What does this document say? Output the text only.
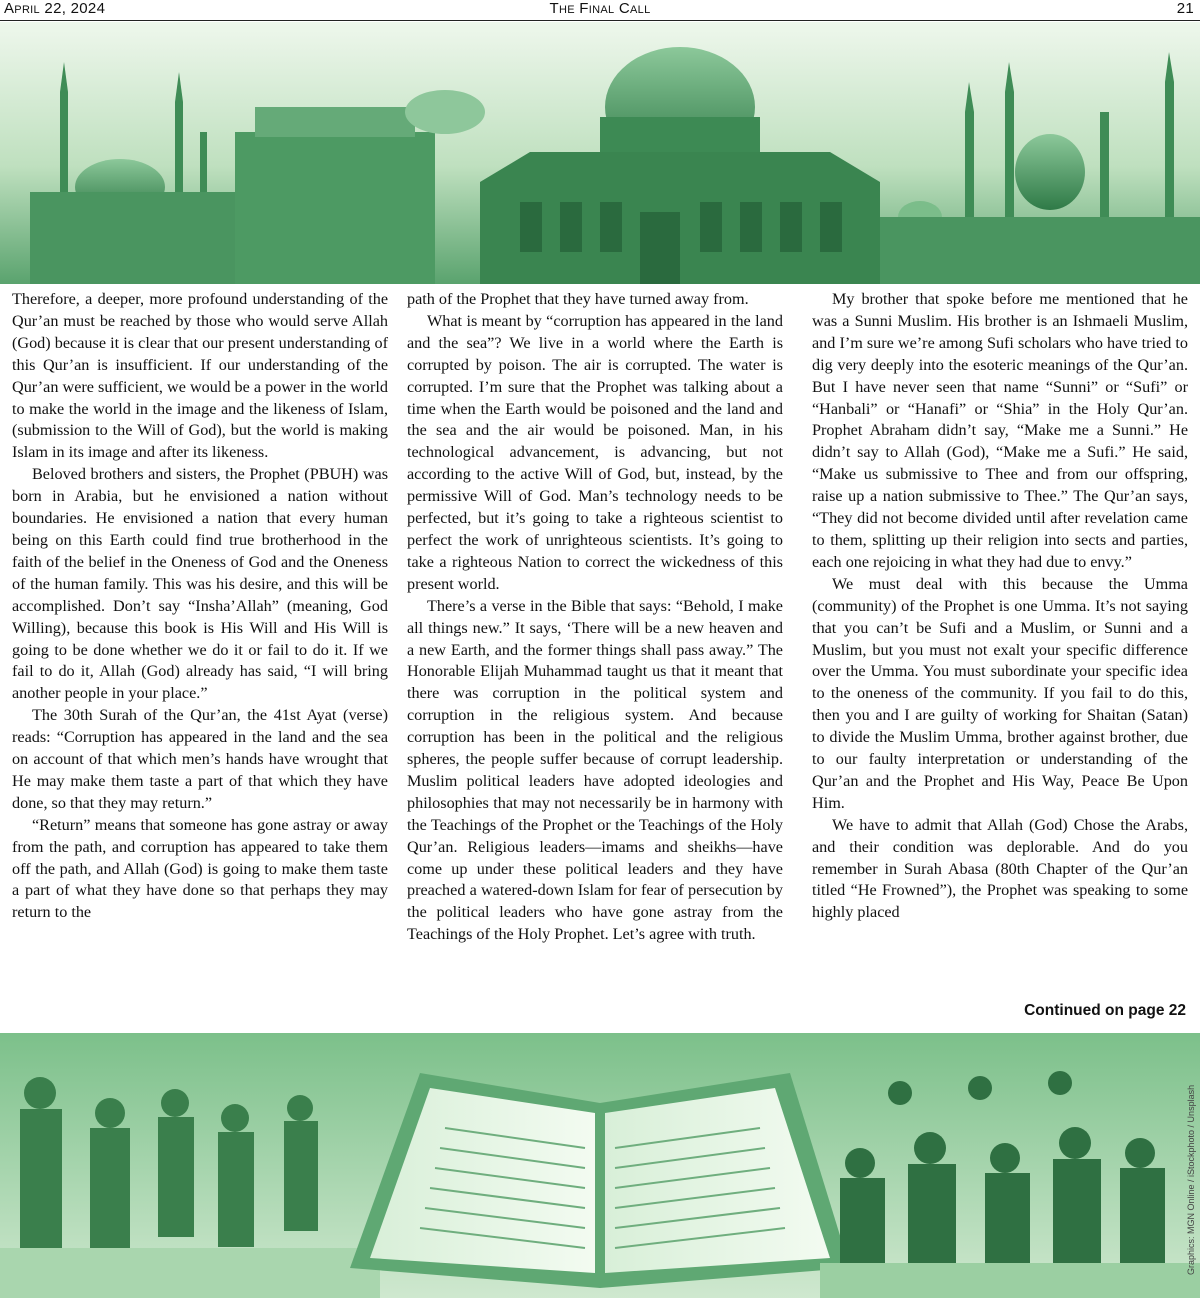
April 22, 2024	The Final Call	21

Therefore, a deeper, more profound understanding of the Qur’an must be reached by those who would serve Allah (God) because it is clear that our present understanding of this Qur’an is insufficient. If our understanding of the Qur’an were sufficient, we would be a power in the world to make the world in the image and the likeness of Islam, (submission to the Will of God), but the world is making Islam in its image and after its likeness.

Beloved brothers and sisters, the Prophet (PBUH) was born in Arabia, but he envisioned a nation without boundaries. He envisioned a nation that every human being on this Earth could find true brotherhood in the faith of the belief in the Oneness of God and the Oneness of the human family. This was his desire, and this will be accomplished. Don’t say “Insha’Allah” (meaning, God Willing), because this book is His Will and His Will is going to be done whether we do it or fail to do it. If we fail to do it, Allah (God) already has said, “I will bring another people in your place.”

The 30th Surah of the Qur’an, the 41st Ayat (verse) reads: “Corruption has appeared in the land and the sea on account of that which men’s hands have wrought that He may make them taste a part of that which they have done, so that they may return.”

“Return” means that someone has gone astray or away from the path, and corruption has appeared to take them off the path, and Allah (God) is going to make them taste a part of what they have done so that perhaps they may return to the

path of the Prophet that they have turned away from.

What is meant by “corruption has appeared in the land and the sea”? We live in a world where the Earth is corrupted by poison. The air is corrupted. The water is corrupted. I’m sure that the Prophet was talking about a time when the Earth would be poisoned and the land and the sea and the air would be poisoned. Man, in his technological advancement, is advancing, but not according to the active Will of God, but, instead, by the permissive Will of God. Man’s technology needs to be perfected, but it’s going to take a righteous scientist to perfect the work of unrighteous scientists. It’s going to take a righteous Nation to correct the wickedness of this present world.

There’s a verse in the Bible that says: “Behold, I make all things new.” It says, ‘There will be a new heaven and a new Earth, and the former things shall pass away.” The Honorable Elijah Muhammad taught us that it meant that there was corruption in the political system and corruption in the religious system. And because corruption has been in the political and the religious spheres, the people suffer because of corrupt leadership. Muslim political leaders have adopted ideologies and philosophies that may not necessarily be in harmony with the Teachings of the Prophet or the Teachings of the Holy Qur’an. Religious leaders—imams and sheikhs—have come up under these political leaders and they have preached a watered-down Islam for fear of persecution by the political leaders who have gone astray from the Teachings of the Holy Prophet. Let’s agree with truth.

My brother that spoke before me mentioned that he was a Sunni Muslim. His brother is an Ishmaeli Muslim, and I’m sure we’re among Sufi scholars who have tried to dig very deeply into the esoteric meanings of the Qur’an. But I have never seen that name “Sunni” or “Sufi” or “Hanbali” or “Hanafi” or “Shia” in the Holy Qur’an. Prophet Abraham didn’t say, “Make me a Sunni.” He didn’t say to Allah (God), “Make me a Sufi.” He said, “Make us submissive to Thee and from our offspring, raise up a nation submissive to Thee.” The Qur’an says, “They did not become divided until after revelation came to them, splitting up their religion into sects and parties, each one rejoicing in what they had due to envy.”

We must deal with this because the Umma (community) of the Prophet is one Umma. It’s not saying that you can’t be Sufi and a Muslim, or Sunni and a Muslim, but you must not exalt your specific difference over the Umma. You must subordinate your specific idea to the oneness of the community. If you fail to do this, then you and I are guilty of working for Shaitan (Satan) to divide the Muslim Umma, brother against brother, due to our faulty interpretation or understanding of the Qur’an and the Prophet and His Way, Peace Be Upon Him.

We have to admit that Allah (God) Chose the Arabs, and their condition was deplorable. And do you remember in Surah Abasa (80th Chapter of the Qur’an titled “He Frowned”), the Prophet was speaking to some highly placed

Continued on page 22
Graphics: MGN Online / iStockphoto / Unsplash
